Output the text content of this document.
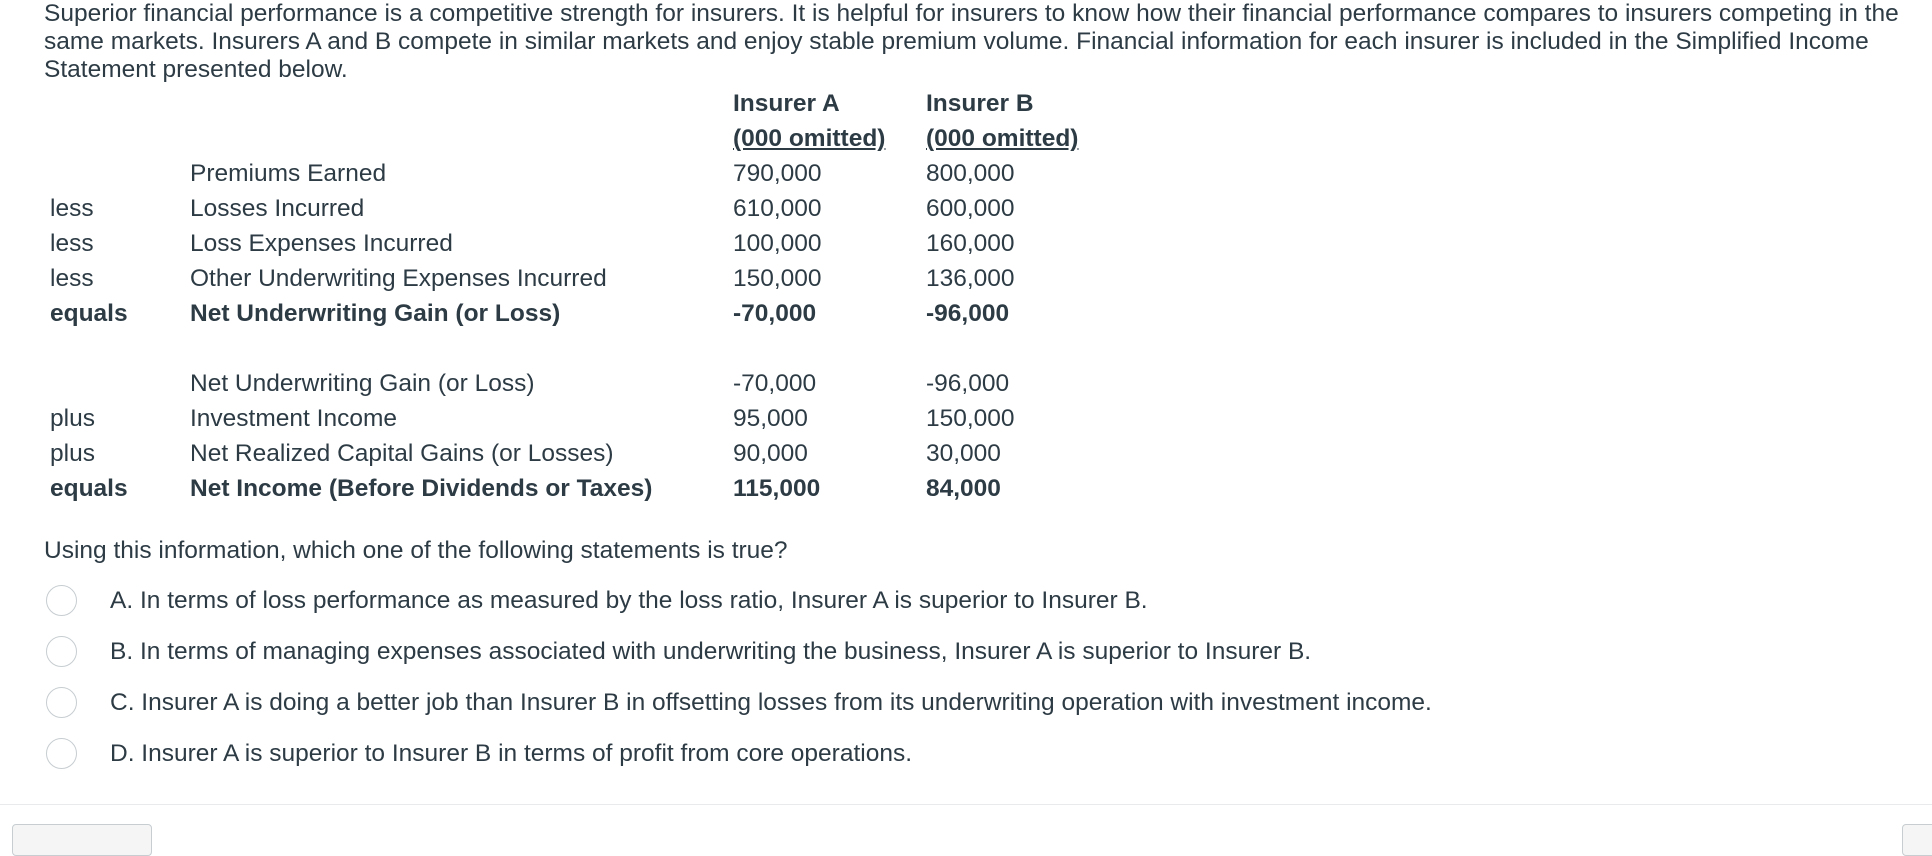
Superior financial performance is a competitive strength for insurers. It is helpful for insurers to know how their financial performance compares to insurers competing in the same markets. Insurers A and B compete in similar markets and enjoy stable premium volume. Financial information for each insurer is included in the Simplified Income Statement presented below.
Insurer A	Insurer B
(000 omitted) (000 omitted)
Premiums Earned	790,000	800,000
less	Losses Incurred	610,000	600,000
less	Loss Expenses Incurred	100,000	160,000
less	Other Underwriting Expenses Incurred	150,000	136,000
equals	Net Underwriting Gain (or Loss)	-70,000	-96,000
Net Underwriting Gain (or Loss)	-70,000	-96,000
plus	Investment Income	95,000	150,000
plus	Net Realized Capital Gains (or Losses)	90,000	30,000
equals	Net Income (Before Dividends or Taxes)	115,000	84,000
Using this information, which one of the following statements is true?
A. In terms of loss performance as measured by the loss ratio, Insurer A is superior to Insurer B.
B. In terms of managing expenses associated with underwriting the business, Insurer A is superior to Insurer B.
C. Insurer A is doing a better job than Insurer B in offsetting losses from its underwriting operation with investment income.
D. Insurer A is superior to Insurer B in terms of profit from core operations.
